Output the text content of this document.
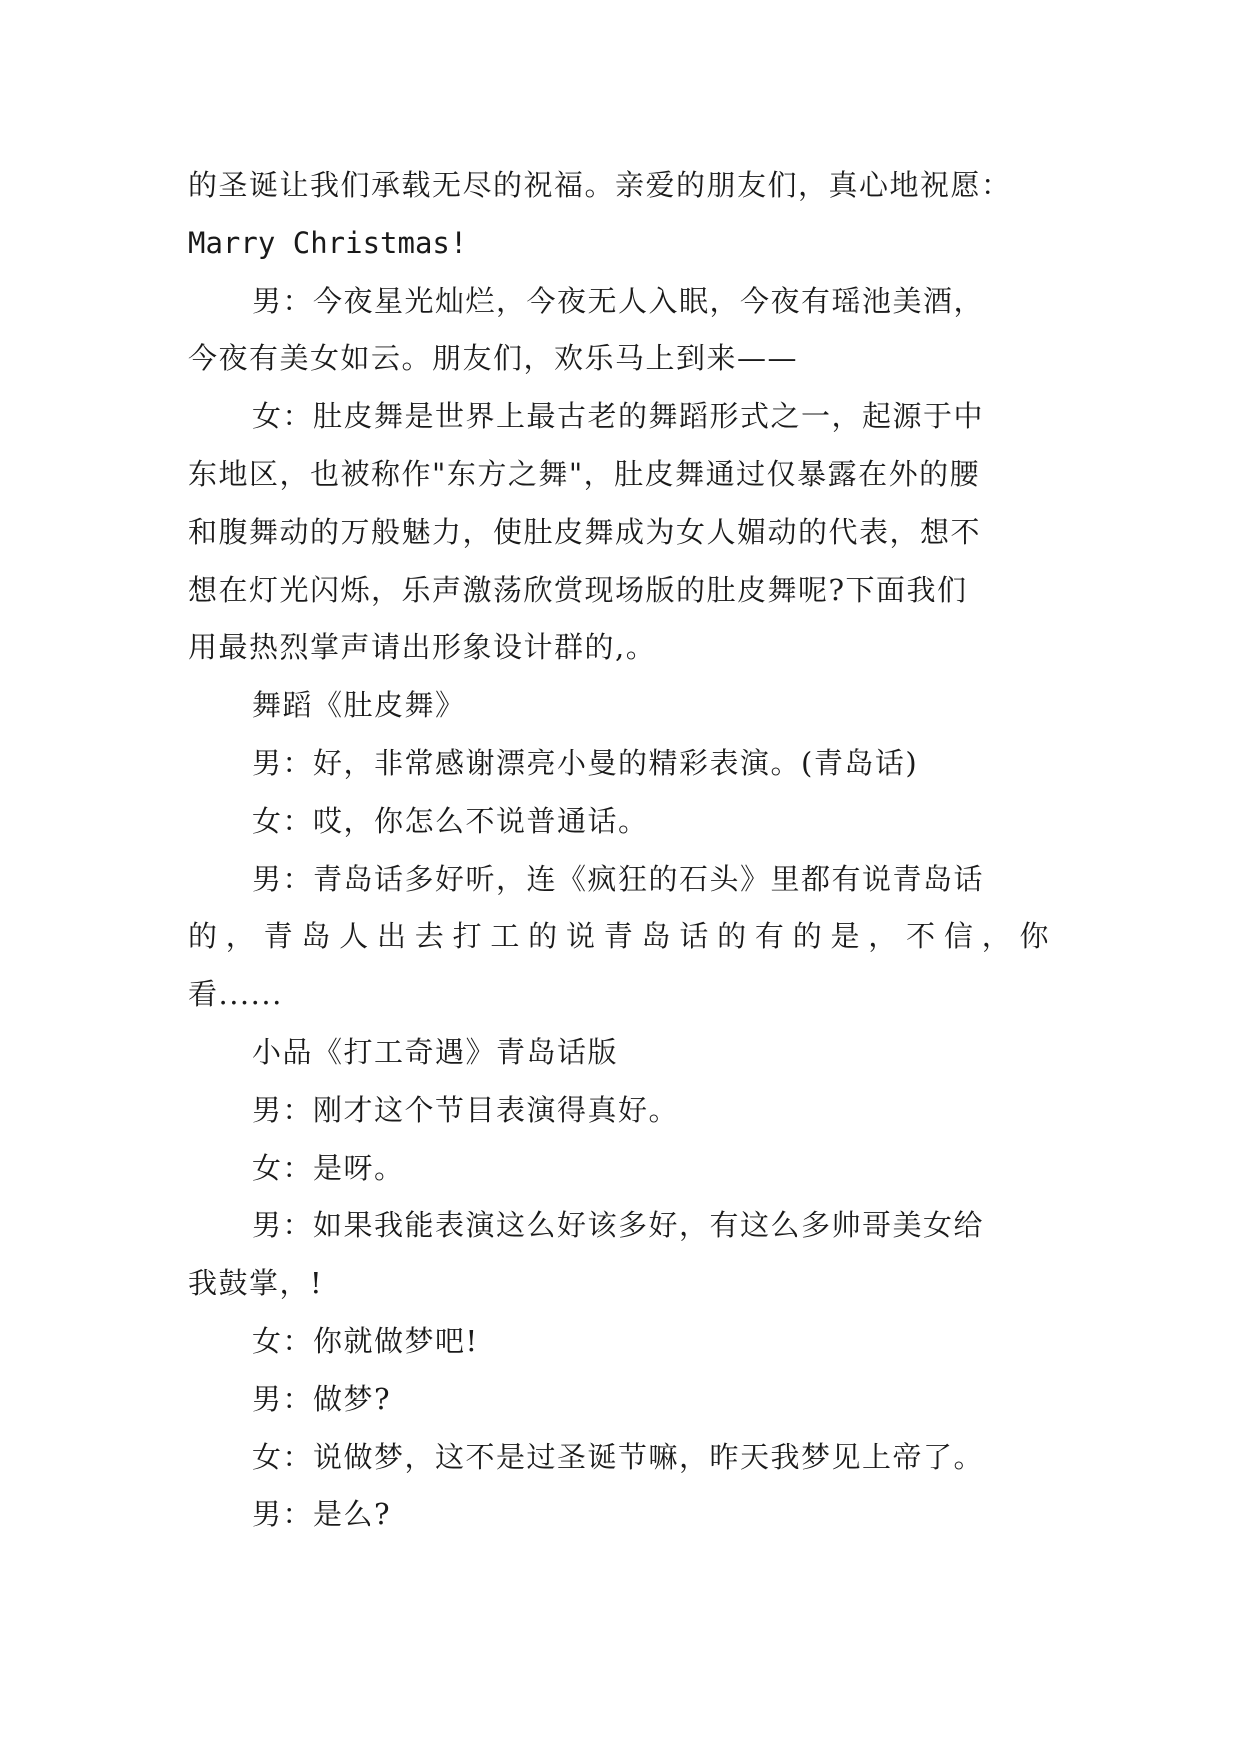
的圣诞让我们承载无尽的祝福。亲爱的朋友们，真心地祝愿：
Marry Christmas!
男：今夜星光灿烂，今夜无人入眠，今夜有瑶池美酒，
今夜有美女如云。朋友们，欢乐马上到来——
女：肚皮舞是世界上最古老的舞蹈形式之一，起源于中
东地区，也被称作"东方之舞"，肚皮舞通过仅暴露在外的腰
和腹舞动的万般魅力，使肚皮舞成为女人媚动的代表，想不
想在灯光闪烁，乐声激荡欣赏现场版的肚皮舞呢?下面我们
用最热烈掌声请出形象设计群的,。
舞蹈《肚皮舞》
男：好，非常感谢漂亮小曼的精彩表演。(青岛话)
女：哎，你怎么不说普通话。
男：青岛话多好听，连《疯狂的石头》里都有说青岛话
的，青岛人出去打工的说青岛话的有的是，不信，你
看......
小品《打工奇遇》青岛话版
男：刚才这个节目表演得真好。
女：是呀。
男：如果我能表演这么好该多好，有这么多帅哥美女给
我鼓掌，!
女：你就做梦吧!
男：做梦?
女：说做梦，这不是过圣诞节嘛，昨天我梦见上帝了。
男：是么?
